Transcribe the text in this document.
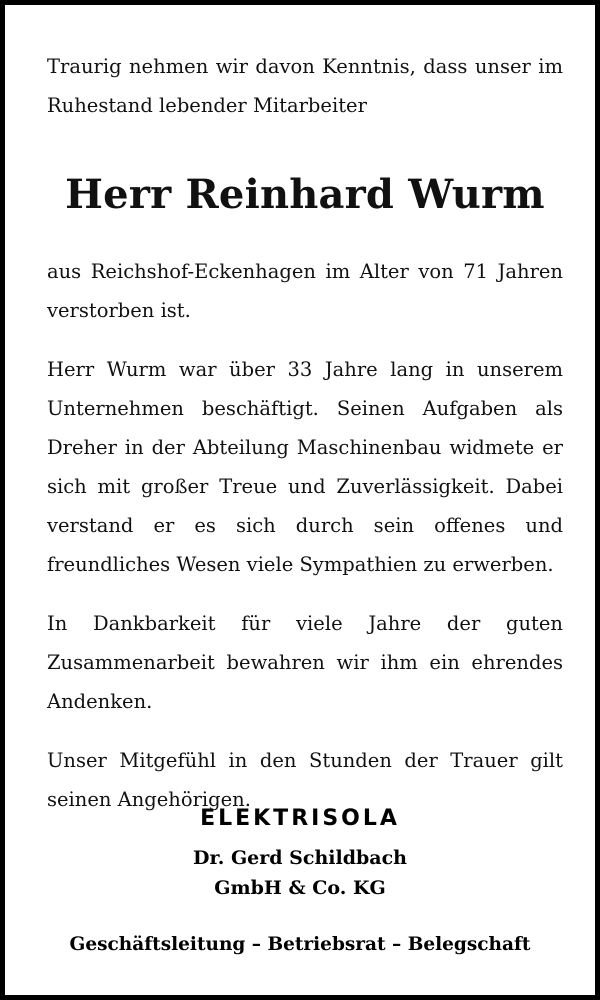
Traurig nehmen wir davon Kenntnis, dass unser im Ruhestand lebender Mitarbeiter

Herr Reinhard Wurm

aus Reichshof-Eckenhagen im Alter von 71 Jahren verstorben ist.

Herr Wurm war über 33 Jahre lang in unserem Unternehmen beschäftigt. Seinen Aufgaben als Dreher in der Abteilung Maschinenbau widmete er sich mit großer Treue und Zuverlässigkeit. Dabei verstand er es sich durch sein offenes und freundliches Wesen viele Sympathien zu erwerben.

In Dankbarkeit für viele Jahre der guten Zusammenarbeit bewahren wir ihm ein ehrendes Andenken.

Unser Mitgefühl in den Stunden der Trauer gilt seinen Angehörigen.

ELEKTRISOLA
Dr. Gerd Schildbach
GmbH & Co. KG
Geschäftsleitung – Betriebsrat – Belegschaft
